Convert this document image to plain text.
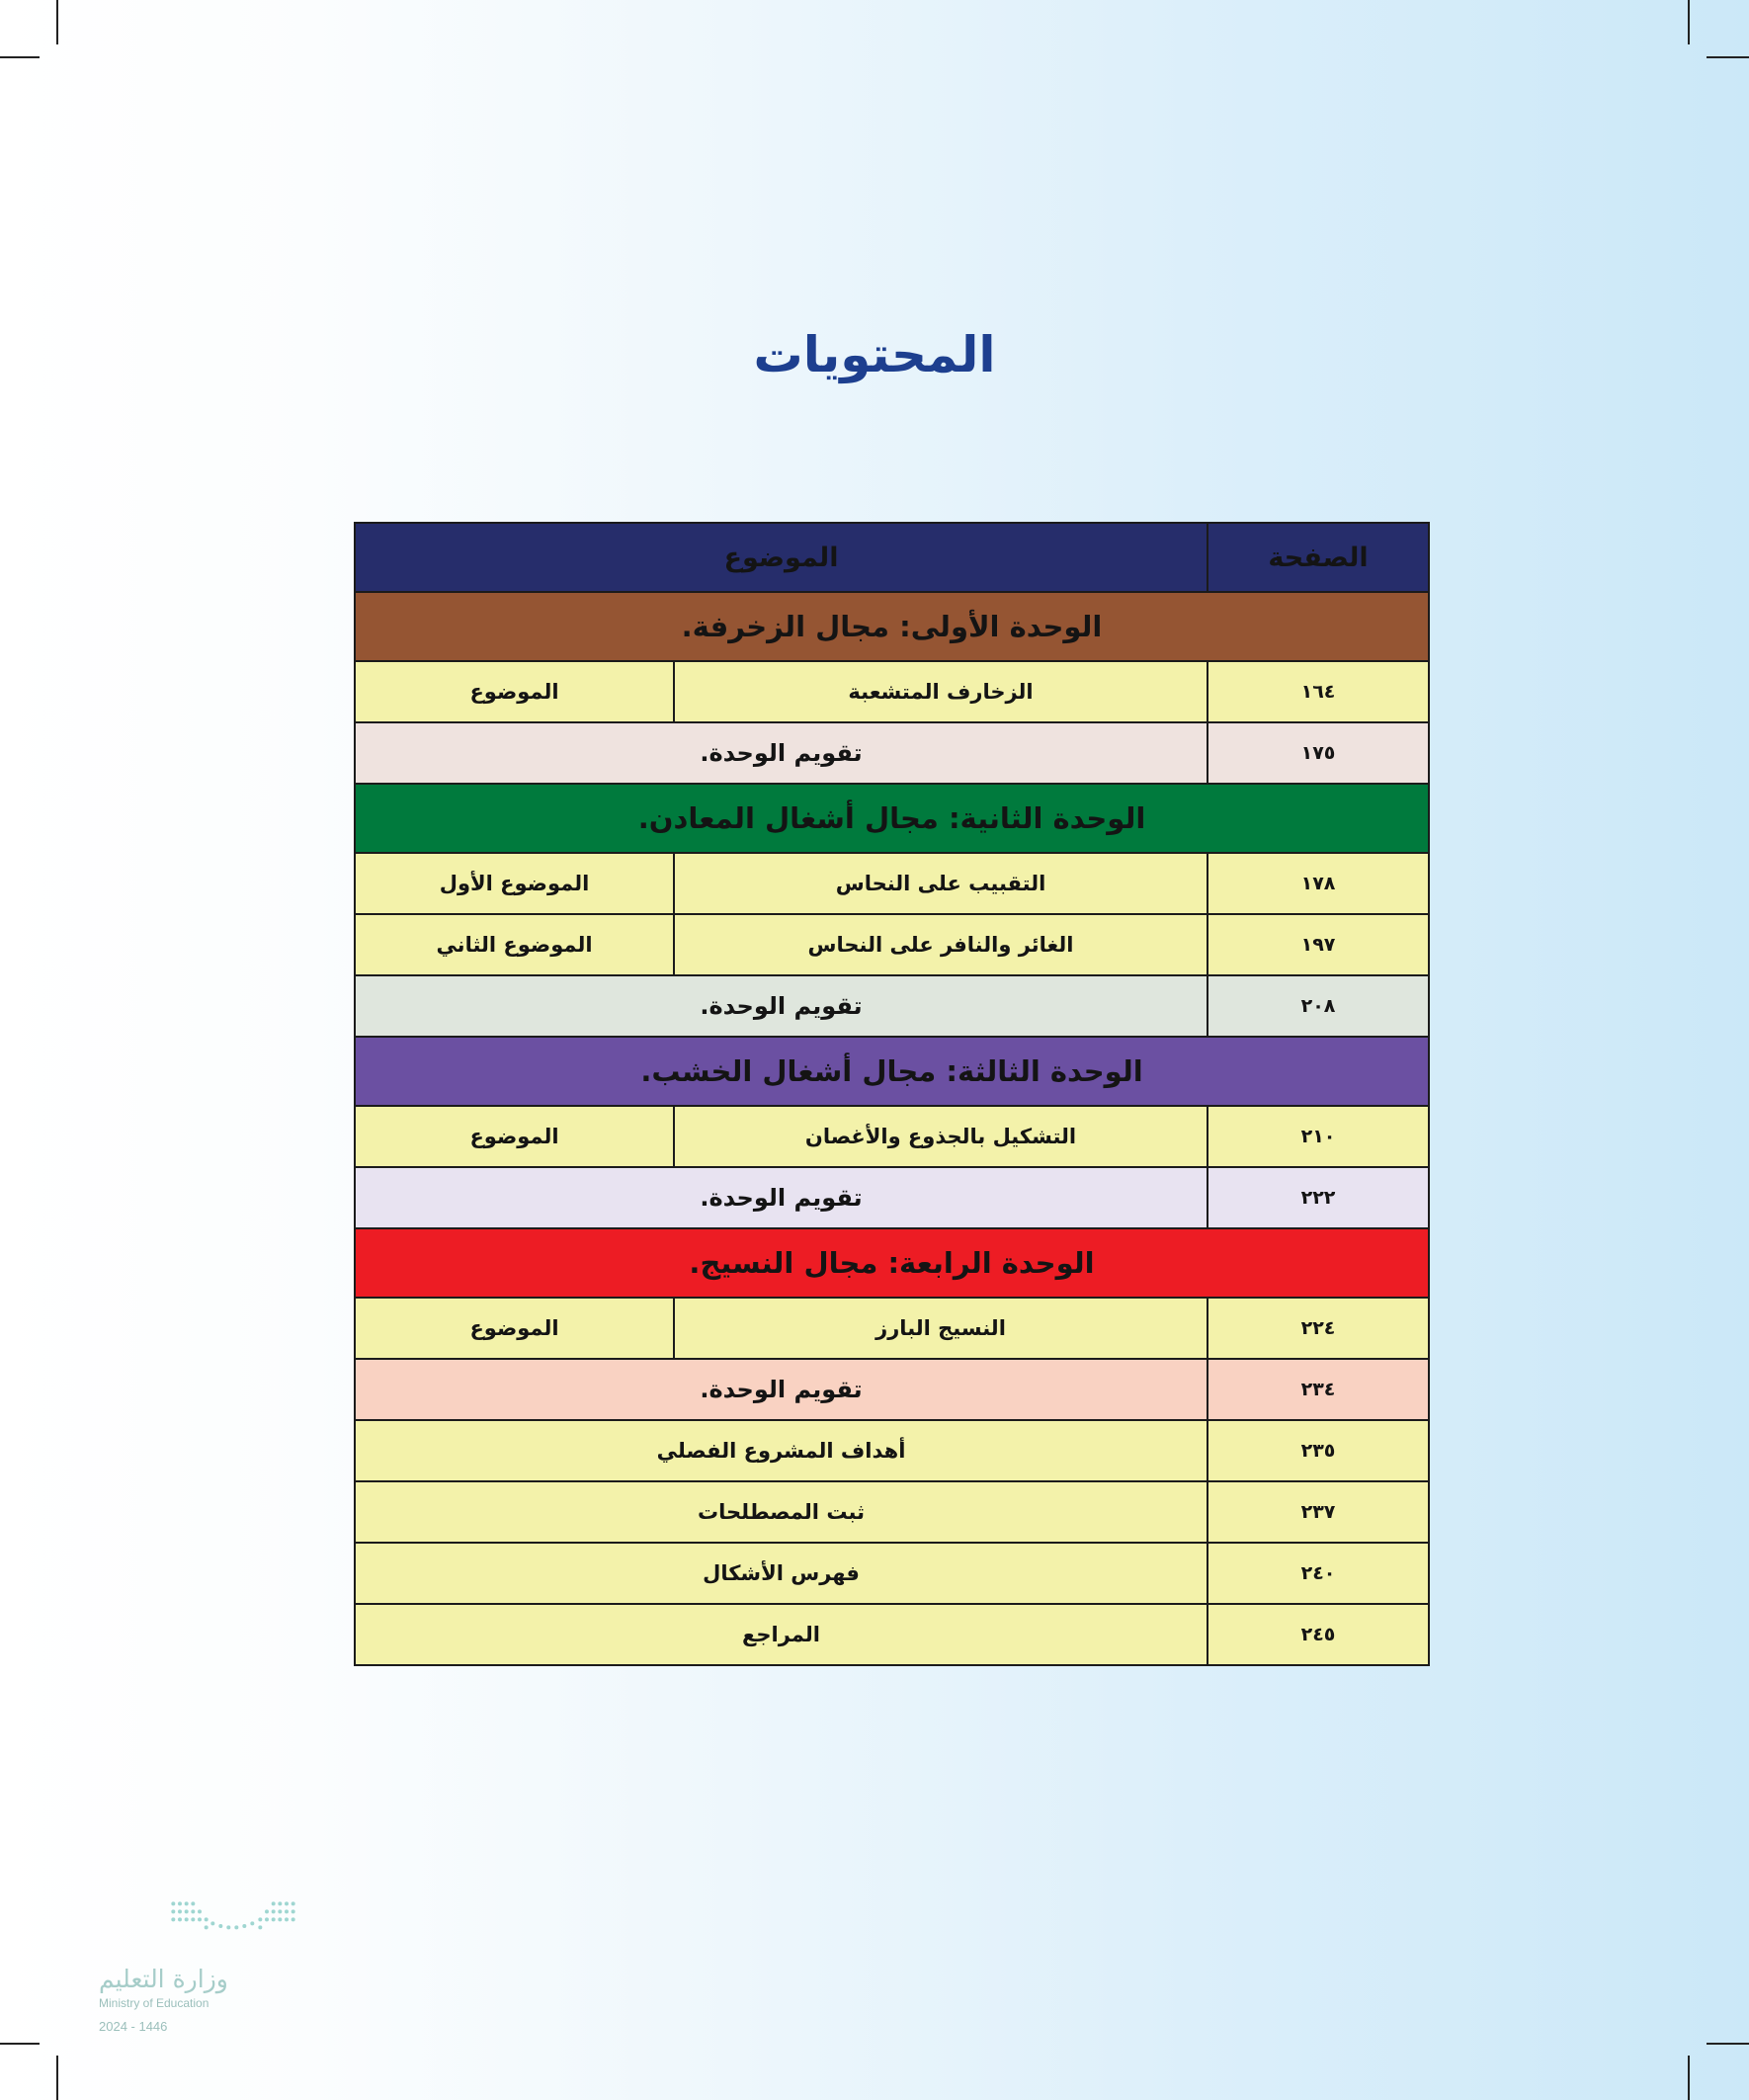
المحتويات
الصفحة	الموضوع	
الوحدة الأولى: مجال الزخرفة.		
١٦٤	الزخارف المتشعبة	الموضوع
١٧٥	تقويم الوحدة.	
الوحدة الثانية: مجال أشغال المعادن.		
١٧٨	التقبيب على النحاس	الموضوع الأول
١٩٧	الغائر والنافر على النحاس	الموضوع الثاني
٢٠٨	تقويم الوحدة.	
الوحدة الثالثة: مجال أشغال الخشب.		
٢١٠	التشكيل بالجذوع والأغصان	الموضوع
٢٢٢	تقويم الوحدة.	
الوحدة الرابعة: مجال النسيج.		
٢٢٤	النسيج البارز	الموضوع
٢٣٤	تقويم الوحدة.	
٢٣٥	أهداف المشروع الفصلي	
٢٣٧	ثبت المصطلحات	
٢٤٠	فهرس الأشكال	
٢٤٥	المراجع	
وزارة التعليم
Ministry of Education
2024 - 1446
